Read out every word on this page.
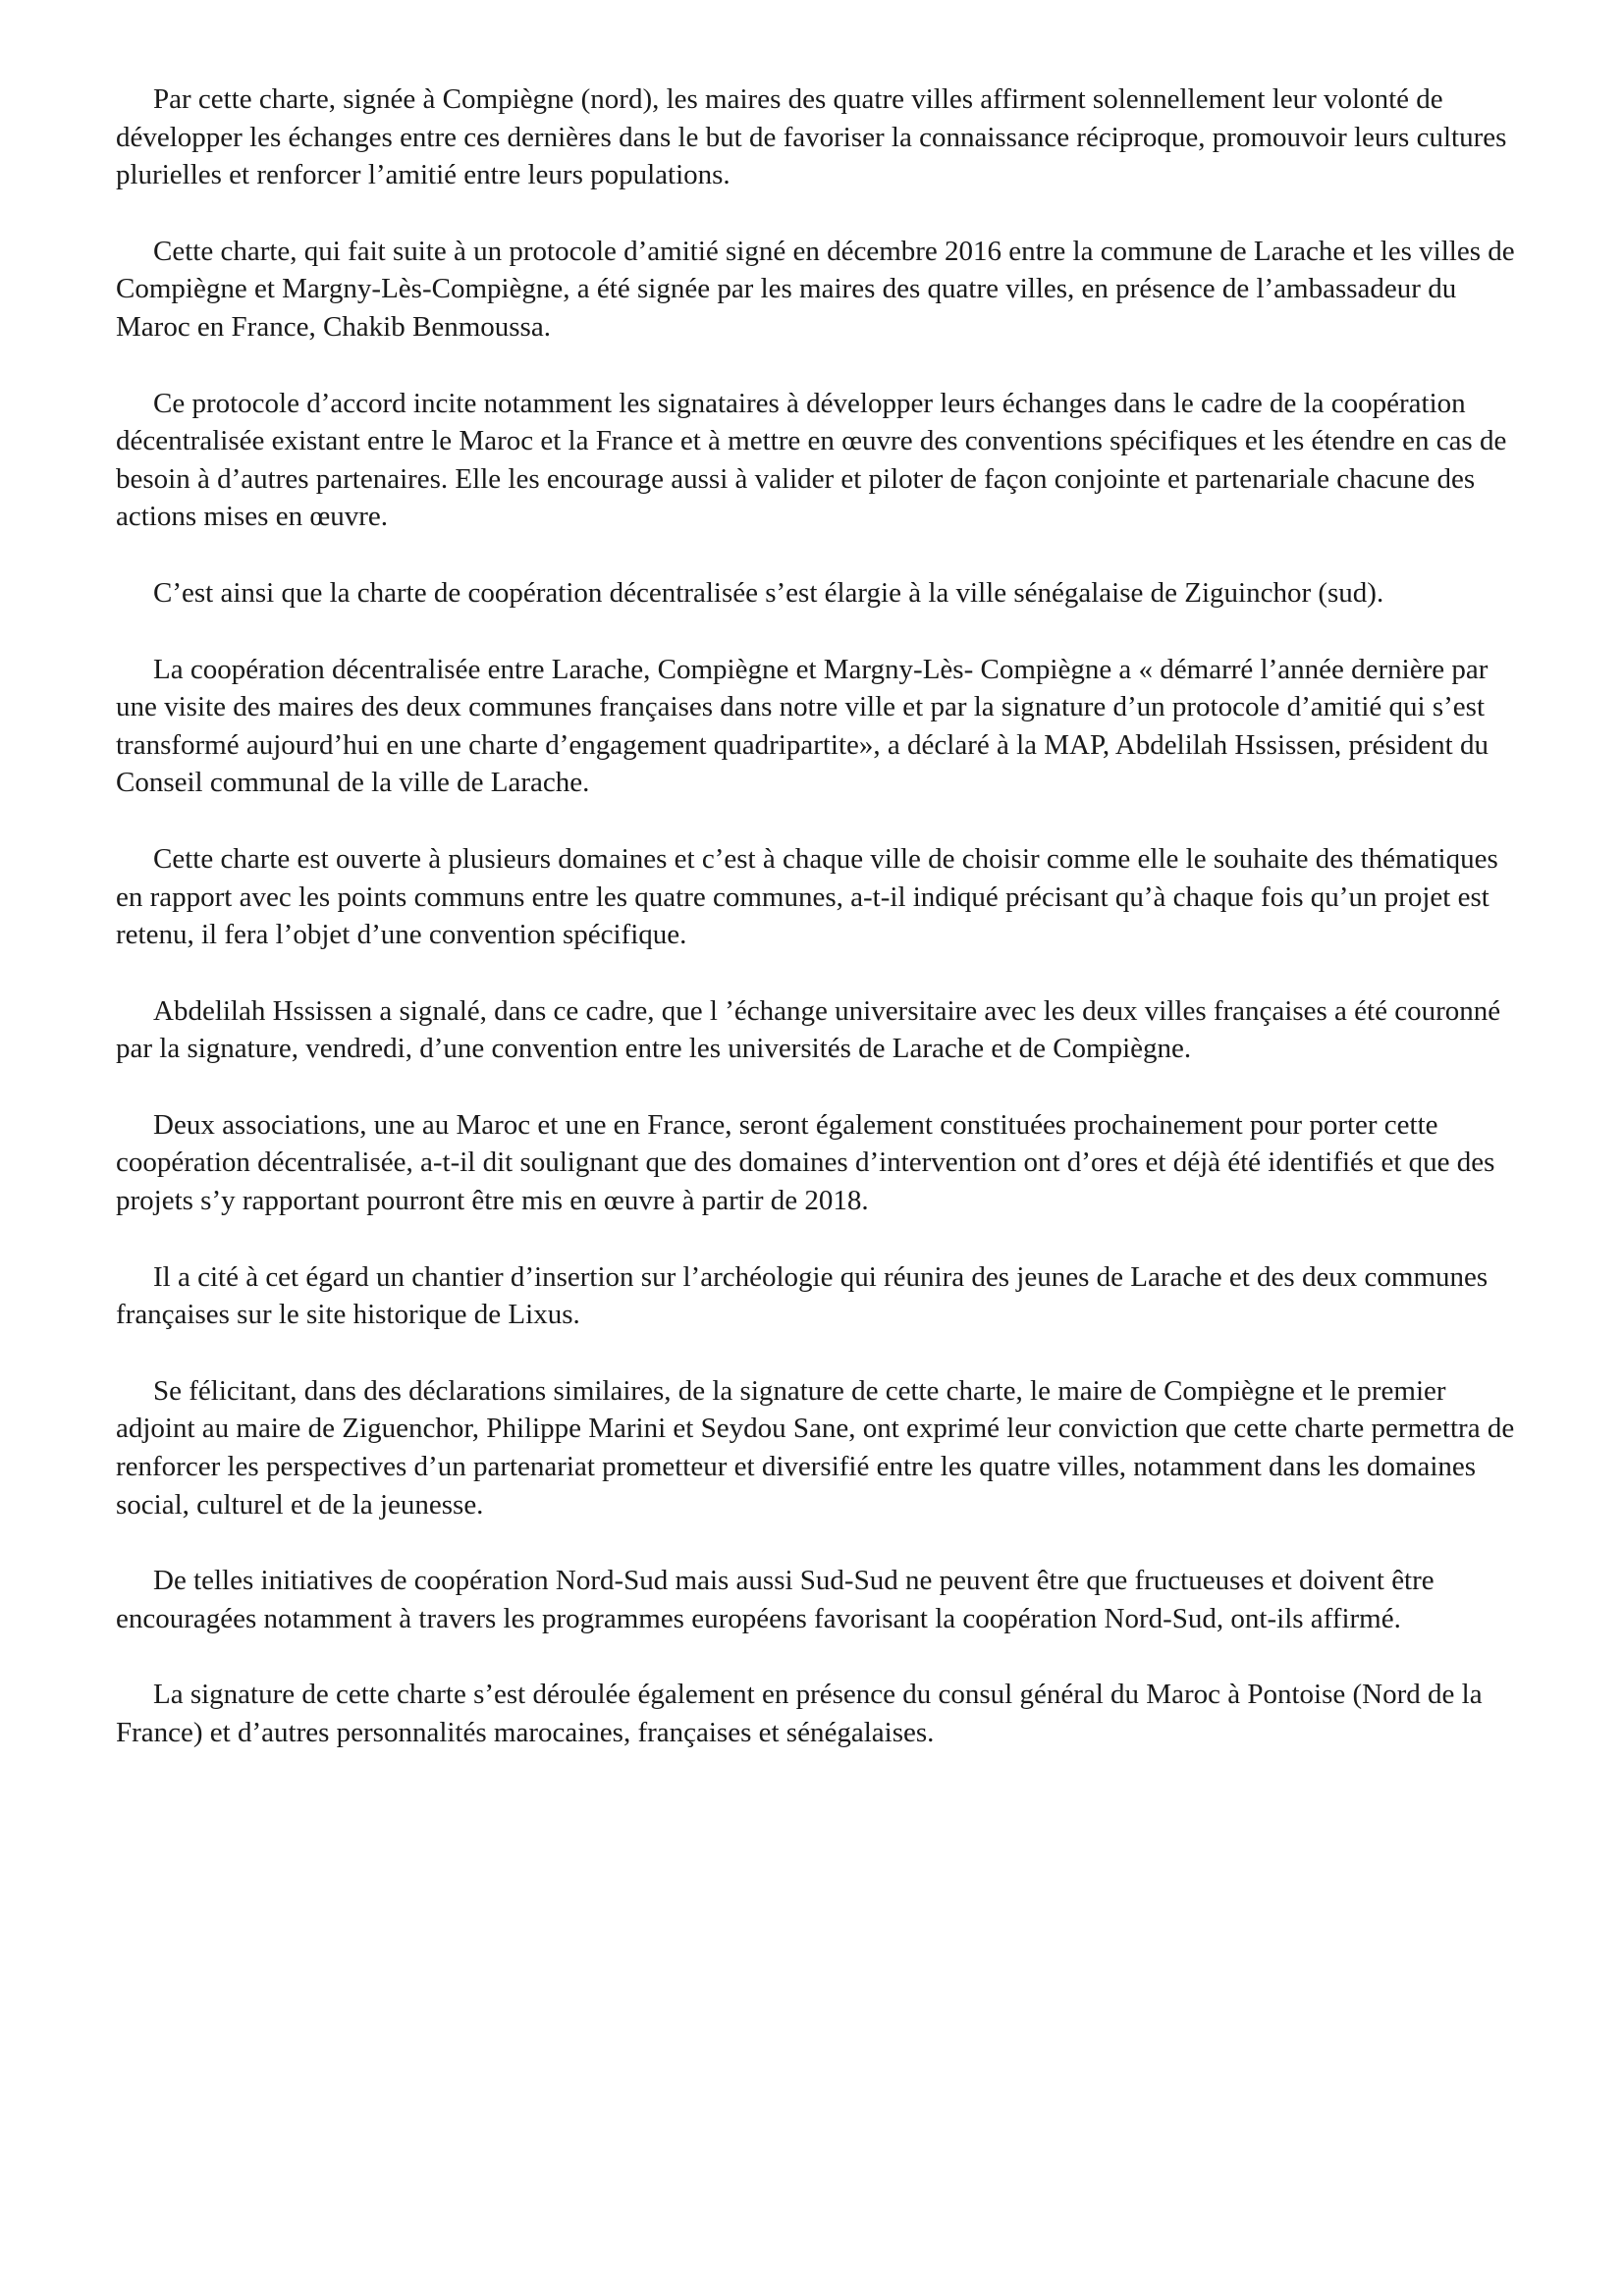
Par cette charte, signée à Compiègne (nord), les maires des quatre villes affirment solennellement leur volonté de développer les échanges entre ces dernières dans le but de favoriser la connaissance réciproque, promouvoir leurs cultures plurielles et renforcer l’amitié entre leurs populations.

Cette charte, qui fait suite à un protocole d’amitié signé en décembre 2016 entre la commune de Larache et les villes de Compiègne et Margny-Lès-Compiègne, a été signée par les maires des quatre villes, en présence de l’ambassadeur du Maroc en France, Chakib Benmoussa.

Ce protocole d’accord incite notamment les signataires à développer leurs échanges dans le cadre de la coopération décentralisée existant entre le Maroc et la France et à mettre en œuvre des conventions spécifiques et les étendre en cas de besoin à d’autres partenaires. Elle les encourage aussi à valider et piloter de façon conjointe et partenariale chacune des actions mises en œuvre.

C’est ainsi que la charte de coopération décentralisée s’est élargie à la ville sénégalaise de Ziguinchor (sud).

La coopération décentralisée entre Larache, Compiègne et Margny-Lès- Compiègne a « démarré l’année dernière par une visite des maires des deux communes françaises dans notre ville et par la signature d’un protocole d’amitié qui s’est transformé aujourd’hui en une charte d’engagement quadripartite», a déclaré à la MAP, Abdelilah Hssissen, président du Conseil communal de la ville de Larache.

Cette charte est ouverte à plusieurs domaines et c’est à chaque ville de choisir comme elle le souhaite des thématiques en rapport avec les points communs entre les quatre communes, a-t-il indiqué précisant qu’à chaque fois qu’un projet est retenu, il fera l’objet d’une convention spécifique.

Abdelilah Hssissen a signalé, dans ce cadre, que l ’échange universitaire avec les deux villes françaises a été couronné par la signature, vendredi, d’une convention entre les universités de Larache et de Compiègne.

Deux associations, une au Maroc et une en France, seront également constituées prochainement pour porter cette coopération décentralisée, a-t-il dit soulignant que des domaines d’intervention ont d’ores et déjà été identifiés et que des projets s’y rapportant pourront être mis en œuvre à partir de 2018.

Il a cité à cet égard un chantier d’insertion sur l’archéologie qui réunira des jeunes de Larache et des deux communes françaises sur le site historique de Lixus.

Se félicitant, dans des déclarations similaires, de la signature de cette charte, le maire de Compiègne et le premier adjoint au maire de Ziguenchor, Philippe Marini et Seydou Sane, ont exprimé leur conviction que cette charte permettra de renforcer les perspectives d’un partenariat prometteur et diversifié entre les quatre villes, notamment dans les domaines social, culturel et de la jeunesse.

De telles initiatives de coopération Nord-Sud mais aussi Sud-Sud ne peuvent être que fructueuses et doivent être encouragées notamment à travers les programmes européens favorisant la coopération Nord-Sud, ont-ils affirmé.

La signature de cette charte s’est déroulée également en présence du consul général du Maroc à Pontoise (Nord de la France) et d’autres personnalités marocaines, françaises et sénégalaises.
